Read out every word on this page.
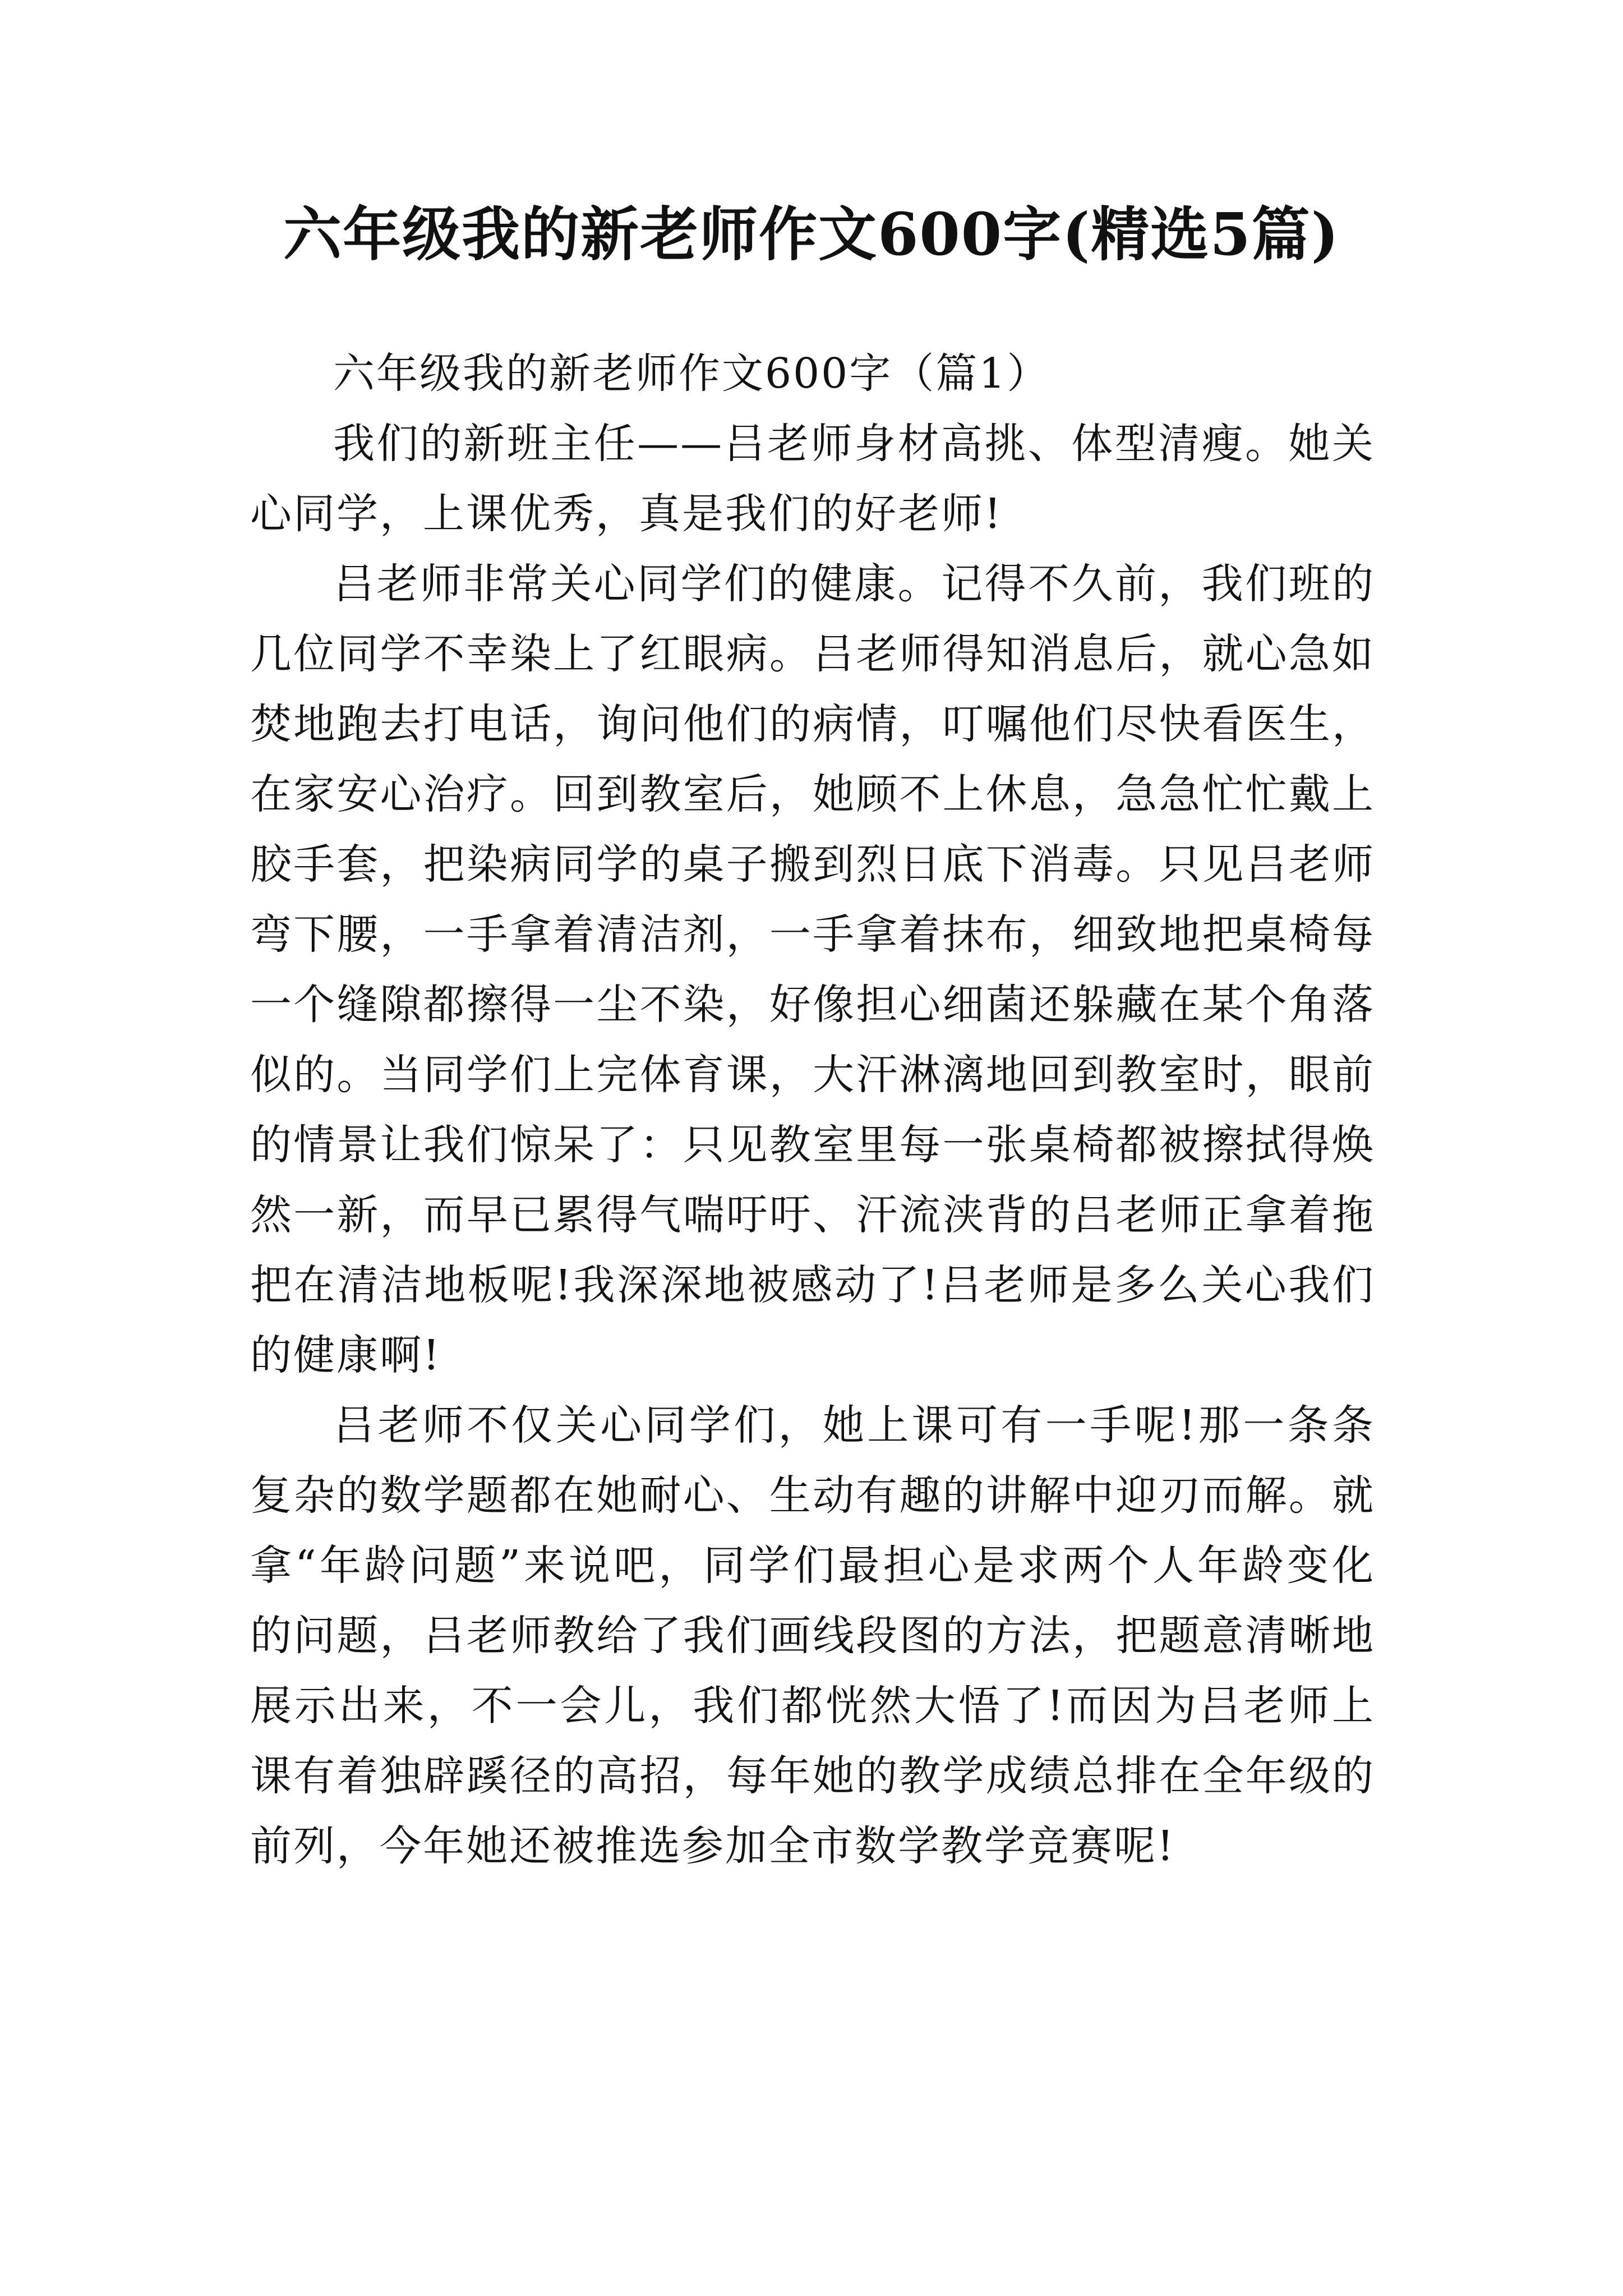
六年级我的新老师作文600字(精选5篇)

六年级我的新老师作文600字（篇1）

我们的新班主任——吕老师身材高挑、体型清瘦。她关心同学，上课优秀，真是我们的好老师!

吕老师非常关心同学们的健康。记得不久前，我们班的几位同学不幸染上了红眼病。吕老师得知消息后，就心急如焚地跑去打电话，询问他们的病情，叮嘱他们尽快看医生，在家安心治疗。回到教室后，她顾不上休息，急急忙忙戴上胶手套，把染病同学的桌子搬到烈日底下消毒。只见吕老师弯下腰，一手拿着清洁剂，一手拿着抹布，细致地把桌椅每一个缝隙都擦得一尘不染，好像担心细菌还躲藏在某个角落似的。当同学们上完体育课，大汗淋漓地回到教室时，眼前的情景让我们惊呆了：只见教室里每一张桌椅都被擦拭得焕然一新，而早已累得气喘吁吁、汗流浃背的吕老师正拿着拖把在清洁地板呢!我深深地被感动了!吕老师是多么关心我们的健康啊!

吕老师不仅关心同学们，她上课可有一手呢!那一条条复杂的数学题都在她耐心、生动有趣的讲解中迎刃而解。就拿“年龄问题”来说吧，同学们最担心是求两个人年龄变化的问题，吕老师教给了我们画线段图的方法，把题意清晰地展示出来，不一会儿，我们都恍然大悟了!而因为吕老师上课有着独辟蹊径的高招，每年她的教学成绩总排在全年级的前列，今年她还被推选参加全市数学教学竞赛呢!
